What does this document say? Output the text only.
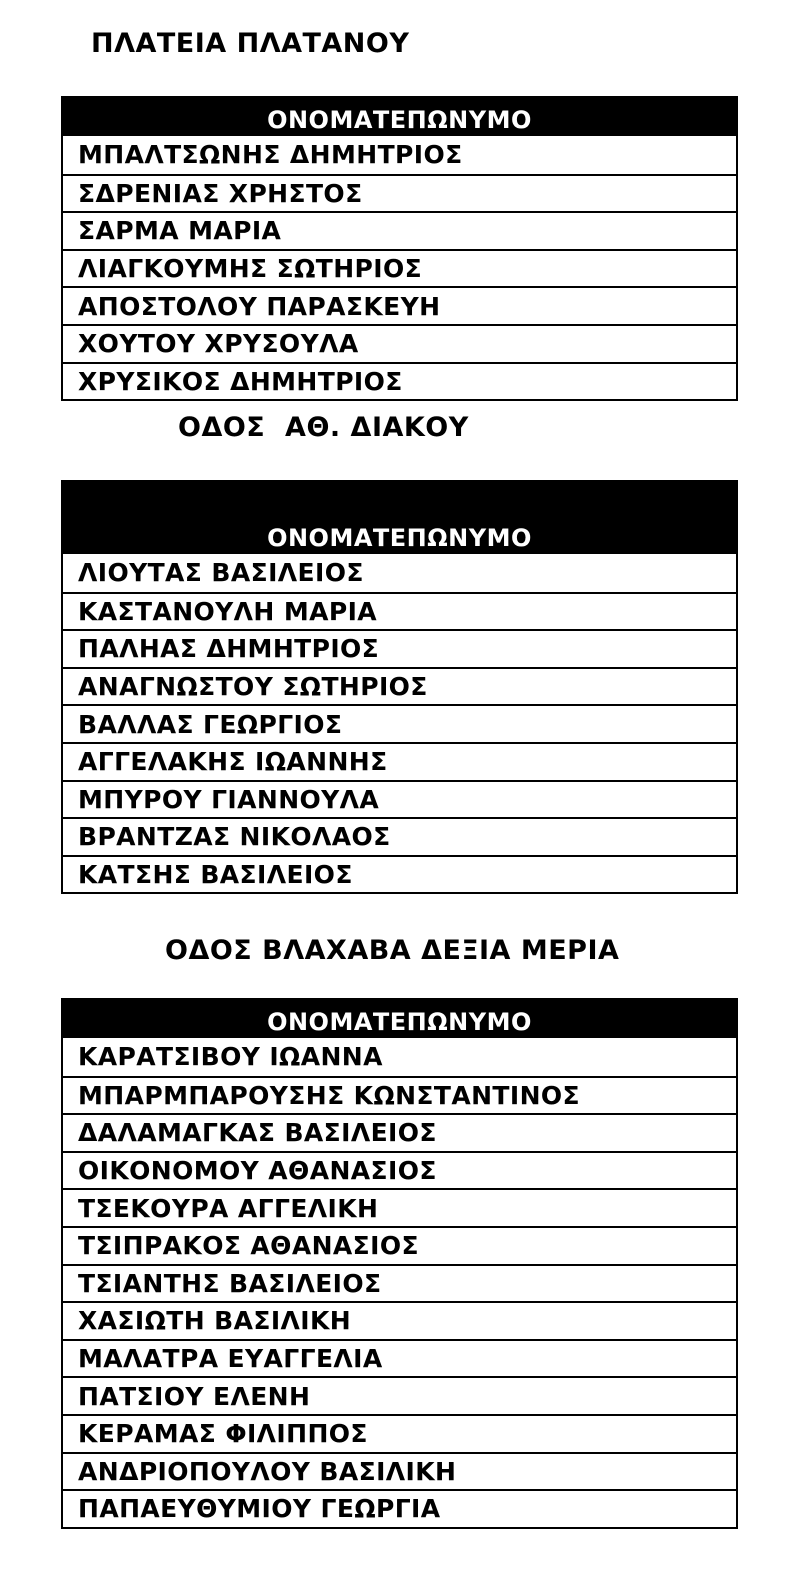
ΠΛΑΤΕΙΑ ΠΛΑΤΑΝΟΥ
ΟΝΟΜΑΤΕΠΩΝΥΜΟ
ΜΠΑΛΤΣΩΝΗΣ ΔΗΜΗΤΡΙΟΣ
ΣΔΡΕΝΙΑΣ ΧΡΗΣΤΟΣ
ΣΑΡΜΑ ΜΑΡΙΑ
ΛΙΑΓΚΟΥΜΗΣ ΣΩΤΗΡΙΟΣ
ΑΠΟΣΤΟΛΟΥ ΠΑΡΑΣΚΕΥΗ
ΧΟΥΤΟΥ ΧΡΥΣΟΥΛΑ
ΧΡΥΣΙΚΟΣ ΔΗΜΗΤΡΙΟΣ
ΟΔΟΣ  ΑΘ. ΔΙΑΚΟΥ
ΟΝΟΜΑΤΕΠΩΝΥΜΟ
ΛΙΟΥΤΑΣ ΒΑΣΙΛΕΙΟΣ
ΚΑΣΤΑΝΟΥΛΗ ΜΑΡΙΑ
ΠΑΛΗΑΣ ΔΗΜΗΤΡΙΟΣ
ΑΝΑΓΝΩΣΤΟΥ ΣΩΤΗΡΙΟΣ
ΒΑΛΛΑΣ ΓΕΩΡΓΙΟΣ
ΑΓΓΕΛΑΚΗΣ ΙΩΑΝΝΗΣ
ΜΠΥΡΟΥ ΓΙΑΝΝΟΥΛΑ
ΒΡΑΝΤΖΑΣ ΝΙΚΟΛΑΟΣ
ΚΑΤΣΗΣ ΒΑΣΙΛΕΙΟΣ
ΟΔΟΣ ΒΛΑΧΑΒΑ ΔΕΞΙΑ ΜΕΡΙΑ
ΟΝΟΜΑΤΕΠΩΝΥΜΟ
ΚΑΡΑΤΣΙΒΟΥ ΙΩΑΝΝΑ
ΜΠΑΡΜΠΑΡΟΥΣΗΣ ΚΩΝΣΤΑΝΤΙΝΟΣ
ΔΑΛΑΜΑΓΚΑΣ ΒΑΣΙΛΕΙΟΣ
ΟΙΚΟΝΟΜΟΥ ΑΘΑΝΑΣΙΟΣ
ΤΣΕΚΟΥΡΑ ΑΓΓΕΛΙΚΗ
ΤΣΙΠΡΑΚΟΣ ΑΘΑΝΑΣΙΟΣ
ΤΣΙΑΝΤΗΣ ΒΑΣΙΛΕΙΟΣ
ΧΑΣΙΩΤΗ ΒΑΣΙΛΙΚΗ
ΜΑΛΑΤΡΑ ΕΥΑΓΓΕΛΙΑ
ΠΑΤΣΙΟΥ ΕΛΕΝΗ
ΚΕΡΑΜΑΣ ΦΙΛΙΠΠΟΣ
ΑΝΔΡΙΟΠΟΥΛΟΥ ΒΑΣΙΛΙΚΗ
ΠΑΠΑΕΥΘΥΜΙΟΥ ΓΕΩΡΓΙΑ
